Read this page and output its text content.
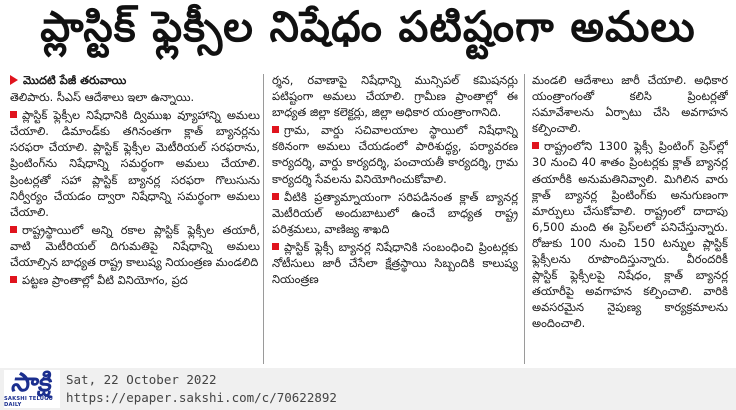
ప్లాస్టిక్ ఫ్లెక్సీల నిషేధం పటిష్టంగా అమలు
మొదటి పేజీ తరువాయి

తెలిపారు. సీఎస్ ఆదేశాలు ఇలా ఉన్నాయి.

ప్లాస్టిక్ ఫ్లెక్సీల నిషేధానికి ద్విముఖ వ్యూహాన్ని అమలు చేయాలి. డిమాండ్‌కు తగినంతగా క్లాత్ బ్యానర్లను సరఫరా చేయాలి. ప్లాస్టిక్ ఫ్లెక్సీల మెటీరియల్ సరఫరాను, ప్రింటింగ్‌ను నిషేధాన్ని సమర్థంగా అమలు చేయాలి. ప్రింటర్లతో సహా ప్లాస్టిక్ బ్యానర్ల సరఫరా గొలుసును నిర్వీర్యం చేయడం ద్వారా నిషేధాన్ని సమర్థంగా అమలు చేయాలి.

రాష్ట్రస్థాయిలో అన్ని రకాల ప్లాస్టిక్ ఫ్లెక్సీల తయారీ, వాటి మెటీరియల్ దిగుమతిపై నిషేధాన్ని అమలు చేయాల్సిన బాధ్యత రాష్ట్ర కాలుష్య నియంత్రణ మండలిది

పట్టణ ప్రాంతాల్లో వీటి వినియోగం, ప్రద

ర్శన, రవాణాపై నిషేధాన్ని మున్సిపల్ కమిషనర్లు పటిష్టంగా అమలు చేయాలి. గ్రామీణ ప్రాంతాల్లో ఈ బాధ్యత జిల్లా కలెక్టర్లు, జిల్లా అధికార యంత్రాంగానిది.

గ్రామ, వార్డు సచివాలయాల స్థాయిలో నిషేధాన్ని కఠినంగా అమలు చేయడంలో పారిశుద్ధ్య, పర్యావరణ కార్యదర్శి, వార్డు కార్యదర్శి, పంచాయతీ కార్యదర్శి, గ్రామ కార్యదర్శి సేవలను వినియోగించుకోవాలి.

వీటికి ప్రత్యామ్నాయంగా సరిపడినంత క్లాత్ బ్యానర్ల మెటీరియల్ అందుబాటులో ఉంచే బాధ్యత రాష్ట్ర పరిశ్రమలు, వాణిజ్య శాఖది

ప్లాస్టిక్ ఫ్లెక్సీ బ్యానర్ల నిషేధానికి సంబంధించి ప్రింటర్లకు నోటీసులు జారీ చేసేలా క్షేత్రస్థాయి సిబ్బందికి కాలుష్య నియంత్రణ

మండలి ఆదేశాలు జారీ చేయాలి. అధికార యంత్రాంగంతో కలిసి ప్రింటర్లతో సమావేశాలను ఏర్పాటు చేసి అవగాహన కల్పించాలి.

రాష్ట్రంలోని 1300 ఫ్లెక్సీ ప్రింటింగ్ ప్రెస్‌ల్లో 30 నుంచి 40 శాతం ప్రింటర్లకు క్లాత్ బ్యానర్ల తయారీకి అనుమతినివ్వాలి. మిగిలిన వారు క్లాత్ బ్యానర్ల ప్రింటింగ్‌కు అనుగుణంగా మార్పులు చేసుకోవాలి. రాష్ట్రంలో దాదాపు 6,500 మంది ఈ ప్రెస్‌లలో పనిచేస్తున్నారు. రోజుకు 100 నుంచి 150 టన్నుల ప్లాస్టిక్ ఫ్లెక్సీలను రూపొందిస్తున్నారు. వీరందరికీ ప్లాస్టిక్ ఫ్లెక్సీలపై నిషేధం, క్లాత్ బ్యానర్ల తయారీపై అవగాహన కల్పించాలి. వారికి అవసరమైన నైపుణ్య కార్యక్రమాలను అందించాలి.

సాక్షి
SAKSHI TELUGU DAILY
Sat, 22 October 2022
https://epaper.sakshi.com/c/70622892
